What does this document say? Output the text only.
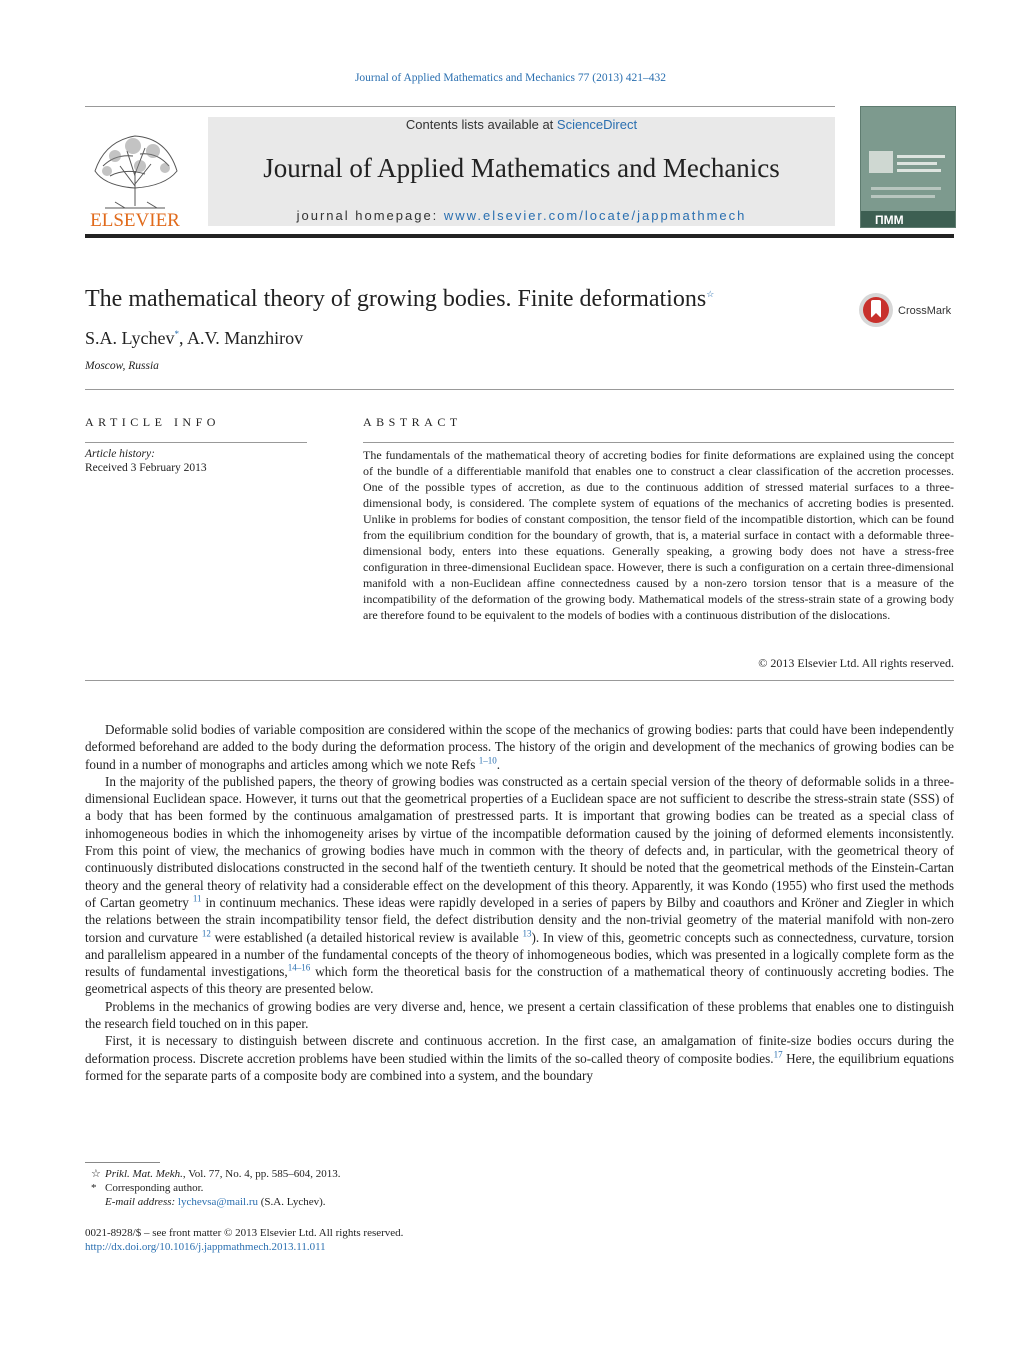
Journal of Applied Mathematics and Mechanics 77 (2013) 421–432
ELSEVIER
Contents lists available at ScienceDirect
Journal of Applied Mathematics and Mechanics
journal homepage: www.elsevier.com/locate/jappmathmech	ПММ
The mathematical theory of growing bodies. Finite deformations☆
CrossMark
S.A. Lychev*, A.V. Manzhirov
Moscow, Russia
ARTICLE INFO	ABSTRACT
Article history:
Received 3 February 2013
The fundamentals of the mathematical theory of accreting bodies for finite deformations are explained using the concept of the bundle of a differentiable manifold that enables one to construct a clear classification of the accretion processes. One of the possible types of accretion, as due to the continuous addition of stressed material surfaces to a three-dimensional body, is considered. The complete system of equations of the mechanics of accreting bodies is presented. Unlike in problems for bodies of constant composition, the tensor field of the incompatible distortion, which can be found from the equilibrium condition for the boundary of growth, that is, a material surface in contact with a deformable three-dimensional body, enters into these equations. Generally speaking, a growing body does not have a stress-free configuration in three-dimensional Euclidean space. However, there is such a configuration on a certain three-dimensional manifold with a non-Euclidean affine connectedness caused by a non-zero torsion tensor that is a measure of the incompatibility of the deformation of the growing body. Mathematical models of the stress-strain state of a growing body are therefore found to be equivalent to the models of bodies with a continuous distribution of the dislocations.
© 2013 Elsevier Ltd. All rights reserved.

Deformable solid bodies of variable composition are considered within the scope of the mechanics of growing bodies: parts that could have been independently deformed beforehand are added to the body during the deformation process. The history of the origin and development of the mechanics of growing bodies can be found in a number of monographs and articles among which we note Refs $^{1-10}$.

In the majority of the published papers, the theory of growing bodies was constructed as a certain special version of the theory of deformable solids in a three-dimensional Euclidean space. However, it turns out that the geometrical properties of a Euclidean space are not sufficient to describe the stress-strain state (SSS) of a body that has been formed by the continuous amalgamation of prestressed parts. It is important that growing bodies can be treated as a special class of inhomogeneous bodies in which the inhomogeneity arises by virtue of the incompatible deformation caused by the joining of deformed elements inconsistently. From this point of view, the mechanics of growing bodies have much in common with the theory of defects and, in particular, with the geometrical theory of continuously distributed dislocations constructed in the second half of the twentieth century. It should be noted that the geometrical methods of the Einstein-Cartan theory and the general theory of relativity had a considerable effect on the development of this theory. Apparently, it was Kondo (1955) who first used the methods of Cartan geometry $^{11}$ in continuum mechanics. These ideas were rapidly developed in a series of papers by Bilby and coauthors and Kröner and Ziegler in which the relations between the strain incompatibility tensor field, the defect distribution density and the non-trivial geometry of the material manifold with non-zero torsion and curvature $^{12}$ were established (a detailed historical review is available $^{13}$). In view of this, geometric concepts such as connectedness, curvature, torsion and parallelism appeared in a number of the fundamental concepts of the theory of inhomogeneous bodies, which was presented in a logically complete form as the results of fundamental investigations,$^{14-16}$ which form the theoretical basis for the construction of a mathematical theory of continuously accreting bodies. The geometrical aspects of this theory are presented below.

Problems in the mechanics of growing bodies are very diverse and, hence, we present a certain classification of these problems that enables one to distinguish the research field touched on in this paper.

First, it is necessary to distinguish between discrete and continuous accretion. In the first case, an amalgamation of finite-size bodies occurs during the deformation process. Discrete accretion problems have been studied within the limits of the so-called theory of composite bodies.$^{17}$ Here, the equilibrium equations formed for the separate parts of a composite body are combined into a system, and the boundary

☆ Prikl. Mat. Mekh., Vol. 77, No. 4, pp. 585–604, 2013.
* Corresponding author.
E-mail address: lychevsa@mail.ru (S.A. Lychev).
0021-8928/$ – see front matter © 2013 Elsevier Ltd. All rights reserved.
http://dx.doi.org/10.1016/j.jappmathmech.2013.11.011
